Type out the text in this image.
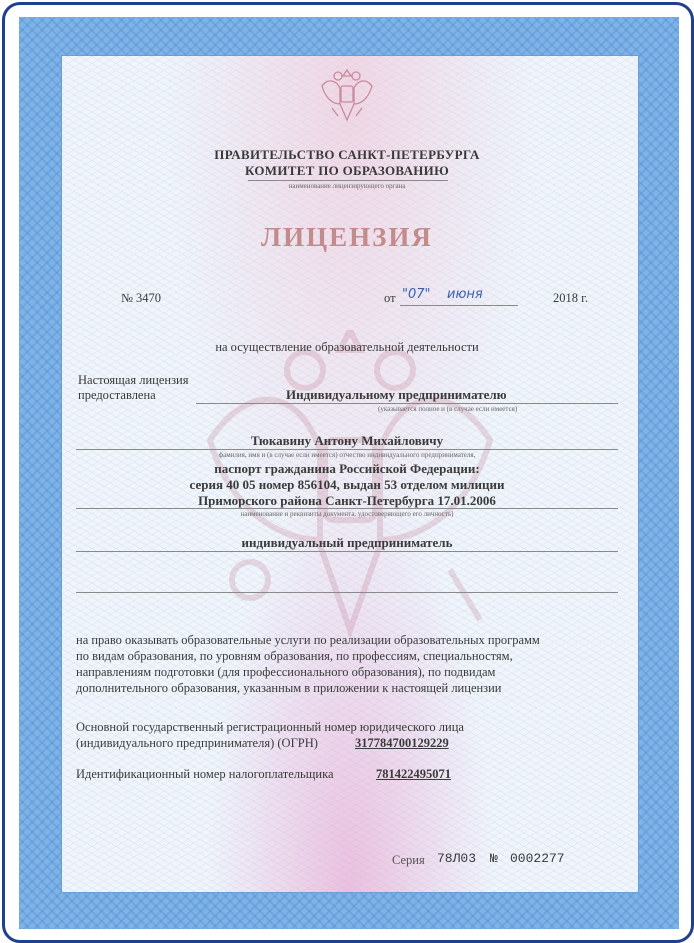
ПРАВИТЕЛЬСТВО САНКТ-ПЕТЕРБУРГА
КОМИТЕТ ПО ОБРАЗОВАНИЮ
наименование лицензирующего органа
ЛИЦЕНЗИЯ
№ 3470	от "07" июня	2018 г.
на осуществление образовательной деятельности
Настоящая лицензия
предоставлена	Индивидуальному предпринимателю
(указывается полное и (в случае если имеется)
Тюкавину Антону Михайловичу
фамилия, имя и (в случае если имеется) отчество индивидуального предпринимателя,
паспорт гражданина Российской Федерации:
серия 40 05 номер 856104, выдан 53 отделом милиции
Приморского района Санкт-Петербурга 17.01.2006
наименование и реквизиты документа, удостоверяющего его личность)
индивидуальный предприниматель
на право оказывать образовательные услуги по реализации образовательных программ
по видам образования, по уровням образования, по профессиям, специальностям,
направлениям подготовки (для профессионального образования), по подвидам
дополнительного образования, указанным в приложении к настоящей лицензии
Основной государственный регистрационный номер юридического лица
(индивидуального предпринимателя) (ОГРН)	317784700129229
Идентификационный номер налогоплательщика	781422495071
Серия 78Л03 № 0002277
